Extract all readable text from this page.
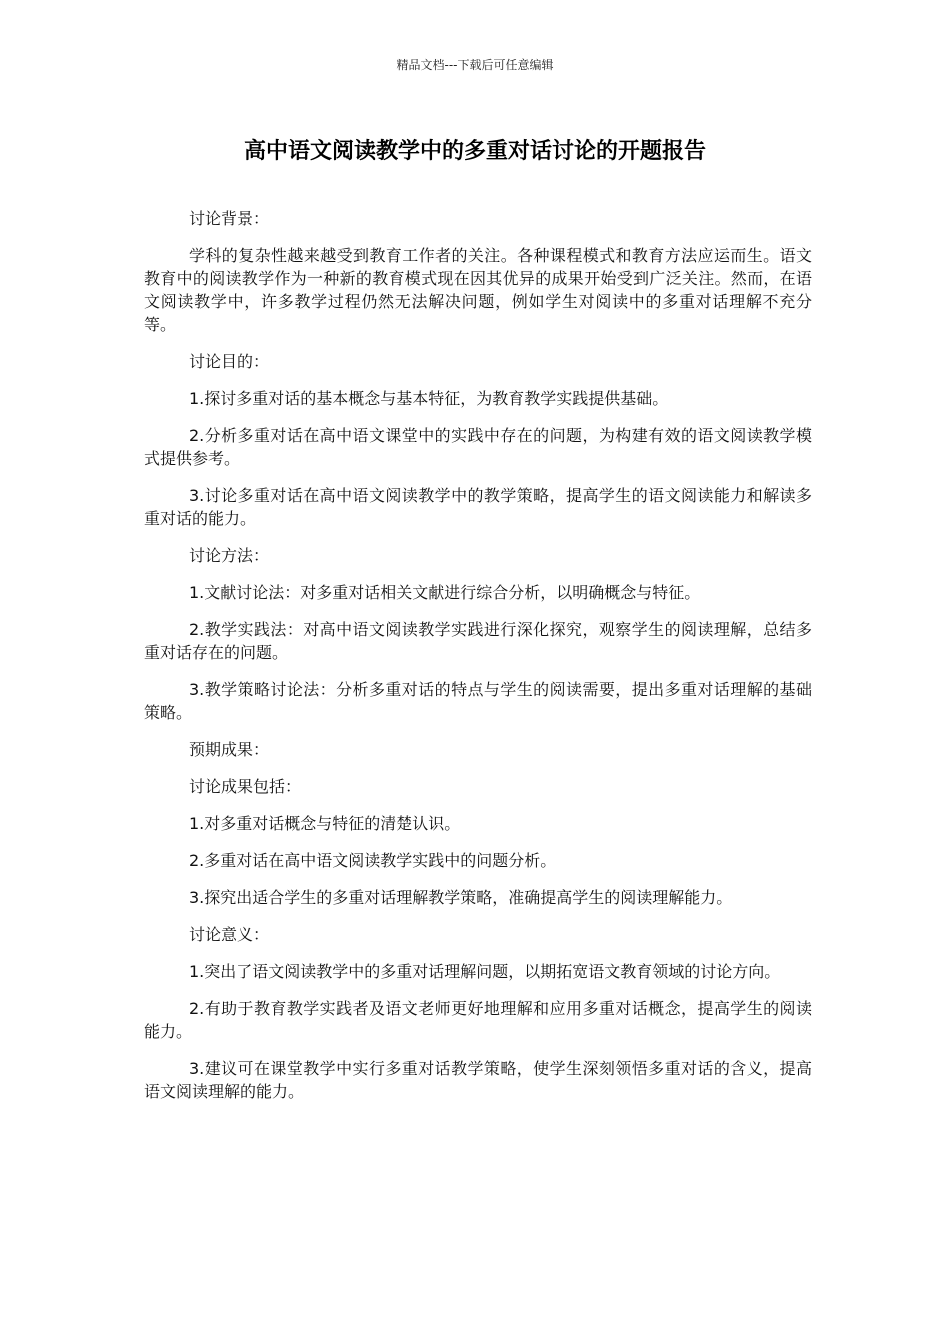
精品文档---下载后可任意编辑
高中语文阅读教学中的多重对话讨论的开题报告

讨论背景：

学科的复杂性越来越受到教育工作者的关注。各种课程模式和教育方法应运而生。语文教育中的阅读教学作为一种新的教育模式现在因其优异的成果开始受到广泛关注。然而，在语文阅读教学中，许多教学过程仍然无法解决问题，例如学生对阅读中的多重对话理解不充分等。

讨论目的：

1.探讨多重对话的基本概念与基本特征，为教育教学实践提供基础。

2.分析多重对话在高中语文课堂中的实践中存在的问题，为构建有效的语文阅读教学模式提供参考。

3.讨论多重对话在高中语文阅读教学中的教学策略，提高学生的语文阅读能力和解读多重对话的能力。

讨论方法：

1.文献讨论法：对多重对话相关文献进行综合分析，以明确概念与特征。

2.教学实践法：对高中语文阅读教学实践进行深化探究，观察学生的阅读理解，总结多重对话存在的问题。

3.教学策略讨论法：分析多重对话的特点与学生的阅读需要，提出多重对话理解的基础策略。

预期成果：

讨论成果包括：

1.对多重对话概念与特征的清楚认识。

2.多重对话在高中语文阅读教学实践中的问题分析。

3.探究出适合学生的多重对话理解教学策略，准确提高学生的阅读理解能力。

讨论意义：

1.突出了语文阅读教学中的多重对话理解问题，以期拓宽语文教育领域的讨论方向。

2.有助于教育教学实践者及语文老师更好地理解和应用多重对话概念，提高学生的阅读能力。

3.建议可在课堂教学中实行多重对话教学策略，使学生深刻领悟多重对话的含义，提高语文阅读理解的能力。
